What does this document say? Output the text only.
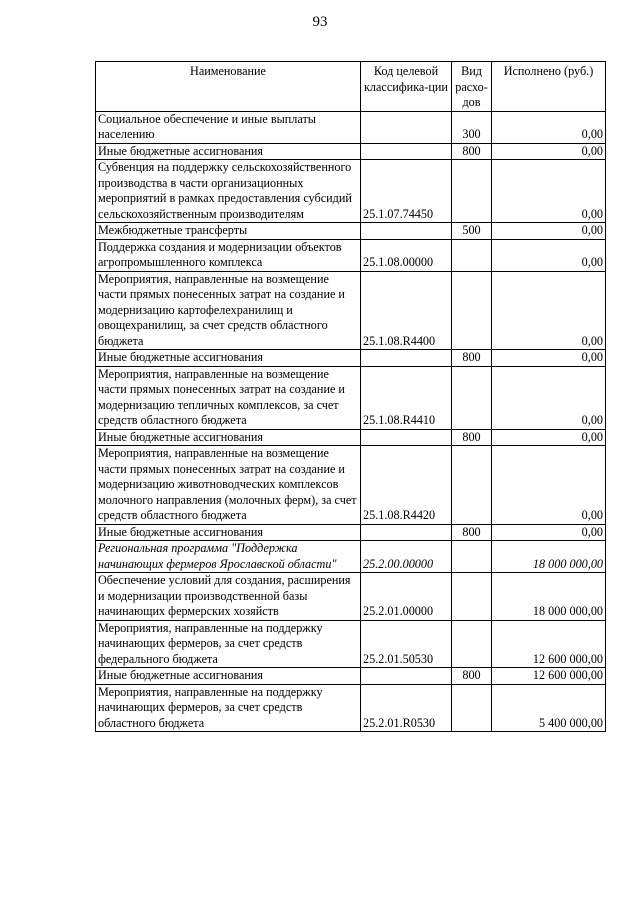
93
Наименование	Код целевой классифика-ции	Вид расхо-дов	Исполнено (руб.)
Социальное обеспечение и иные выплаты населению		300	0,00
Иные бюджетные ассигнования		800	0,00
Субвенция на поддержку сельскохозяйственного производства в части организационных мероприятий в рамках предоставления субсидий сельскохозяйственным производителям	25.1.07.74450		0,00
Межбюджетные трансферты		500	0,00
Поддержка создания и модернизации объектов агропромышленного комплекса	25.1.08.00000		0,00
Мероприятия, направленные на возмещение части прямых понесенных затрат на создание и модернизацию картофелехранилищ и овощехранилищ, за счет средств областного бюджета	25.1.08.R4400		0,00
Иные бюджетные ассигнования		800	0,00
Мероприятия, направленные на возмещение части прямых понесенных затрат на создание и модернизацию тепличных комплексов, за счет средств областного бюджета	25.1.08.R4410		0,00
Иные бюджетные ассигнования		800	0,00
Мероприятия, направленные на возмещение части прямых понесенных затрат на создание и модернизацию животноводческих комплексов молочного направления (молочных ферм), за счет средств областного бюджета	25.1.08.R4420		0,00
Иные бюджетные ассигнования		800	0,00
Региональная программа "Поддержка начинающих фермеров Ярославской области"	25.2.00.00000		18 000 000,00
Обеспечение условий для создания, расширения и модернизации производственной базы начинающих фермерских хозяйств	25.2.01.00000		18 000 000,00
Мероприятия, направленные на поддержку начинающих фермеров, за счет средств федерального бюджета	25.2.01.50530		12 600 000,00
Иные бюджетные ассигнования		800	12 600 000,00
Мероприятия, направленные на поддержку начинающих фермеров, за счет средств областного бюджета	25.2.01.R0530		5 400 000,00
